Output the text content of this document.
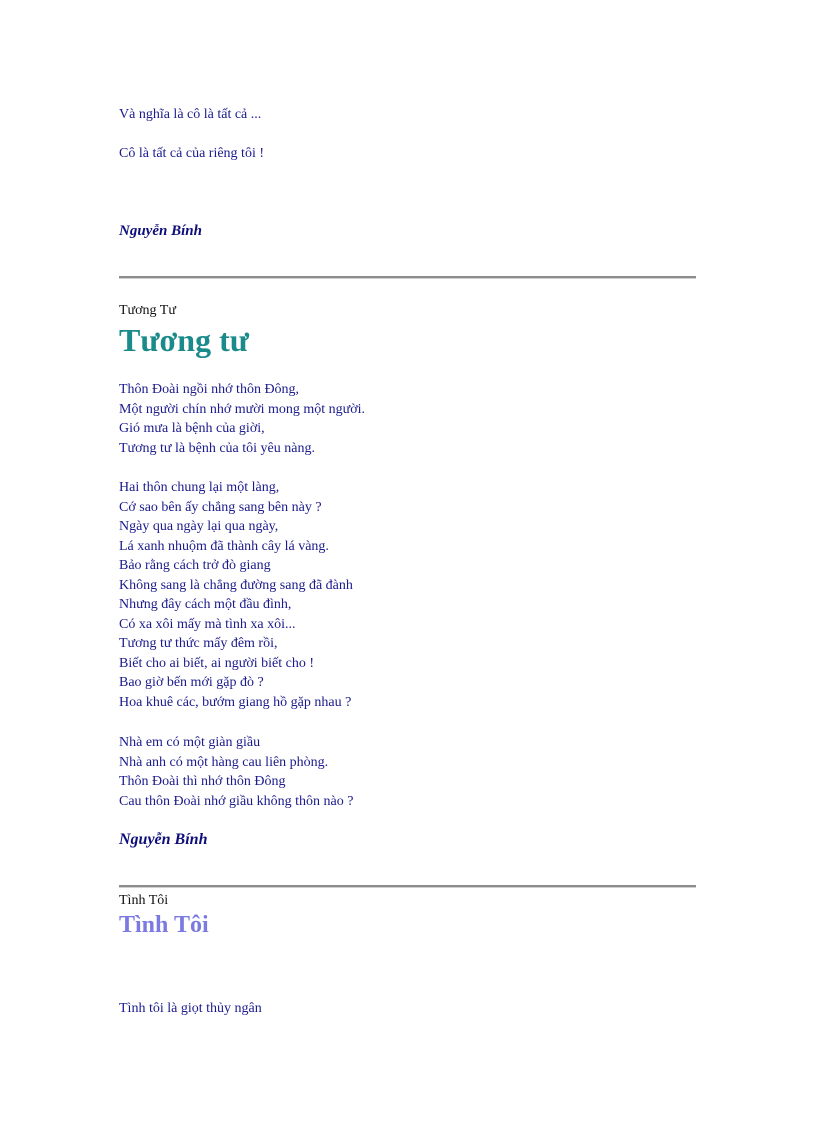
Và nghĩa là cô là tất cả ...
Cô là tất cả của riêng tôi !
Nguyễn Bính
Tương Tư
Tương tư
Thôn Đoài ngồi nhớ thôn Đông,
Một người chín nhớ mười mong một người.
Gió mưa là bệnh của giời,
Tương tư là bệnh của tôi yêu nàng.
Hai thôn chung lại một làng,
Cớ sao bên ấy chẳng sang bên này ?
Ngày qua ngày lại qua ngày,
Lá xanh nhuộm đã thành cây lá vàng.
Bảo rằng cách trở đò giang
Không sang là chẳng đường sang đã đành
Nhưng đây cách một đầu đình,
Có xa xôi mấy mà tình xa xôi...
Tương tư thức mấy đêm rồi,
Biết cho ai biết, ai người biết cho !
Bao giờ bến mới gặp đò ?
Hoa khuê các, bướm giang hồ gặp nhau ?
Nhà em có một giàn giầu
Nhà anh có một hàng cau liên phòng.
Thôn Đoài thì nhớ thôn Đông
Cau thôn Đoài nhớ giầu không thôn nào ?
Nguyễn Bính
Tình Tôi
Tình Tôi
Tình tôi là giọt thủy ngân
